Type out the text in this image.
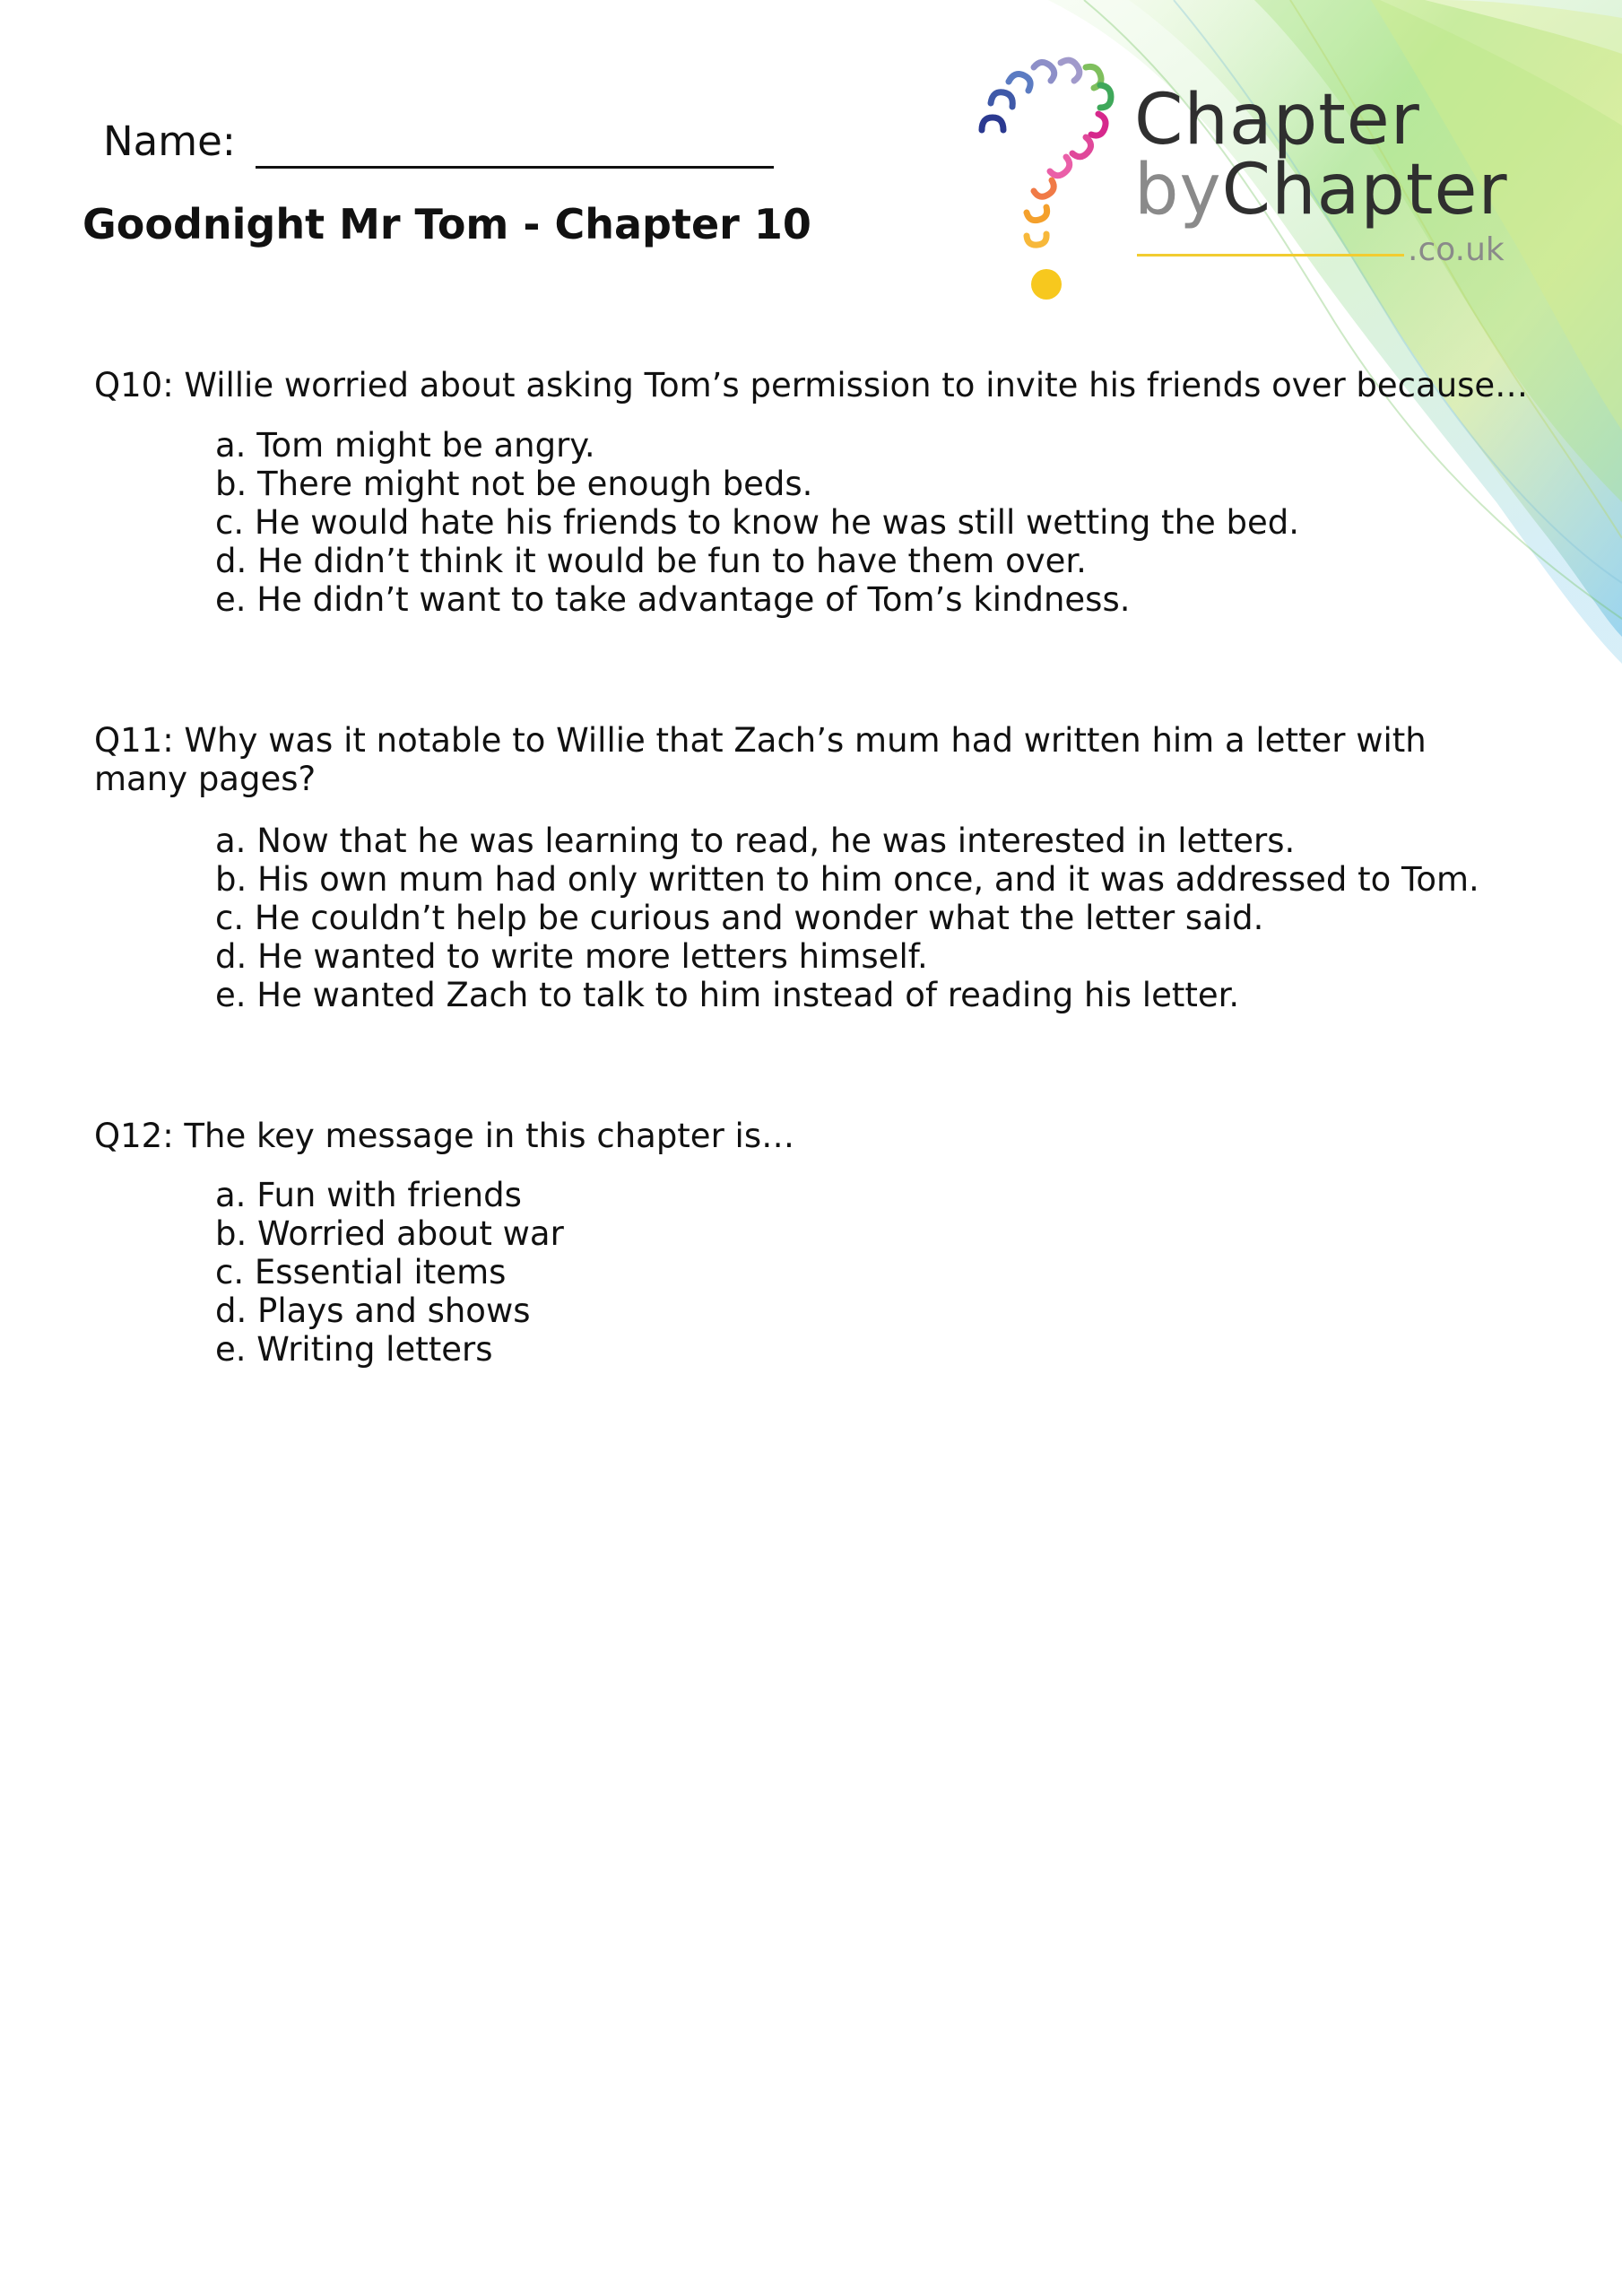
Name:
Goodnight Mr Tom - Chapter 10
Chapter
byChapter
.co.uk
Q10: Willie worried about asking Tom’s permission to invite his friends over because…
a. Tom might be angry.
b. There might not be enough beds.
c. He would hate his friends to know he was still wetting the bed.
d. He didn’t think it would be fun to have them over.
e. He didn’t want to take advantage of Tom’s kindness.
Q11: Why was it notable to Willie that Zach’s mum had written him a letter with many pages?
a. Now that he was learning to read, he was interested in letters.
b. His own mum had only written to him once, and it was addressed to Tom.
c. He couldn’t help be curious and wonder what the letter said.
d. He wanted to write more letters himself.
e. He wanted Zach to talk to him instead of reading his letter.
Q12: The key message in this chapter is…
a. Fun with friends
b. Worried about war
c. Essential items
d. Plays and shows
e. Writing letters
